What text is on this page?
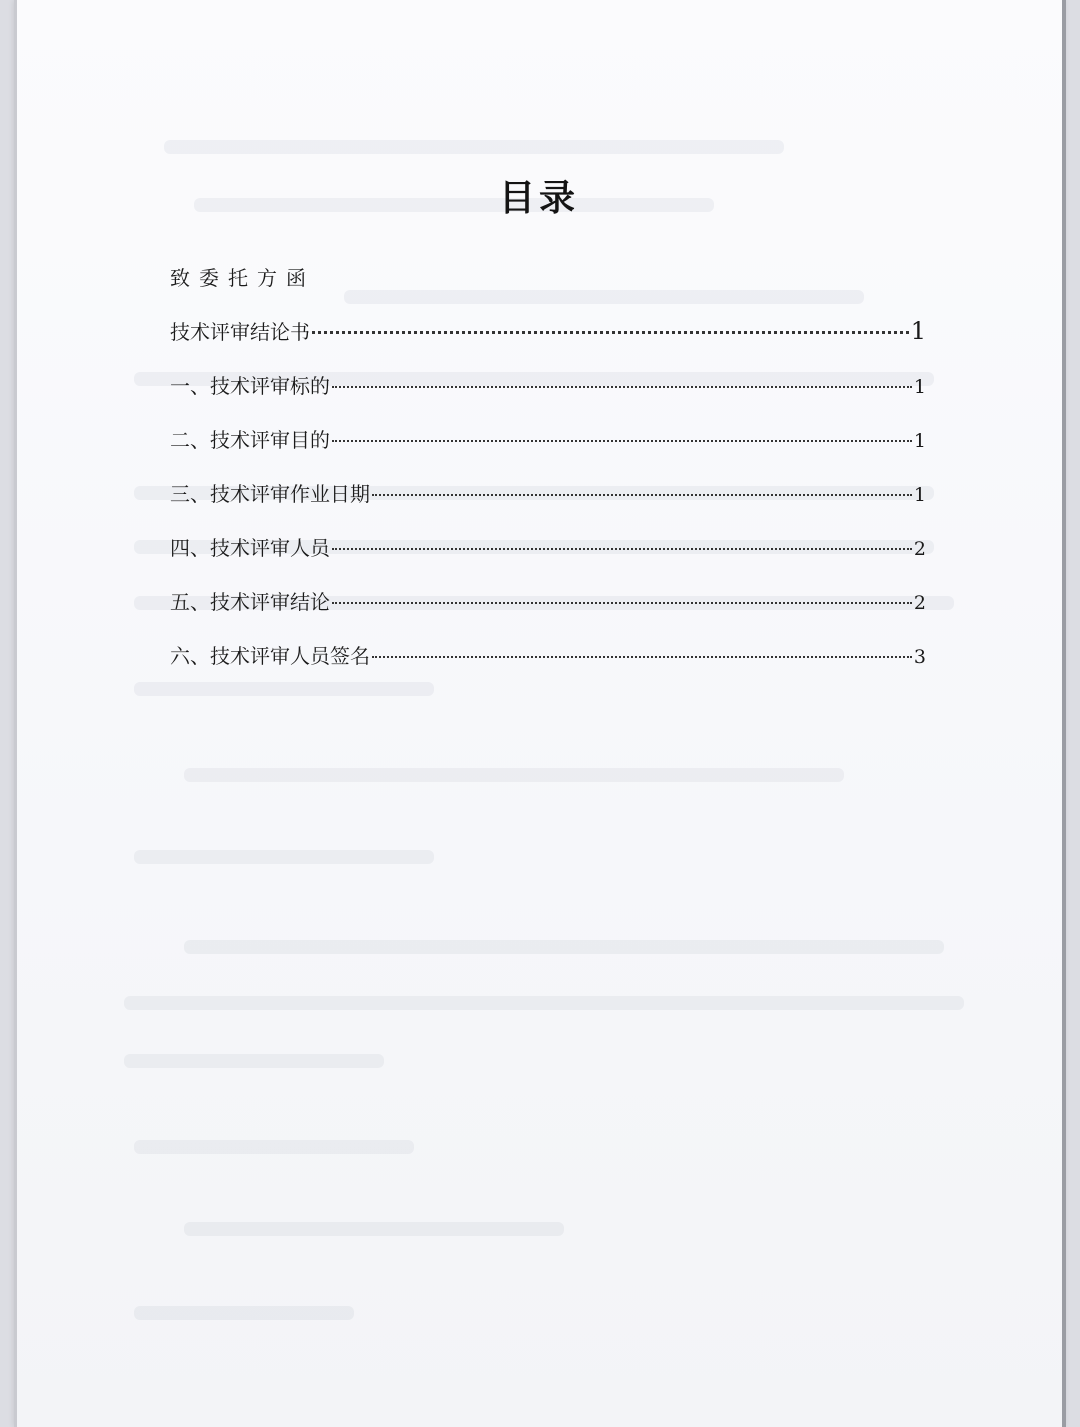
目录
致委托方函
技术评审结论书	1
一、技术评审标的	1
二、技术评审目的	1
三、技术评审作业日期	1
四、技术评审人员	2
五、技术评审结论	2
六、技术评审人员签名	3
